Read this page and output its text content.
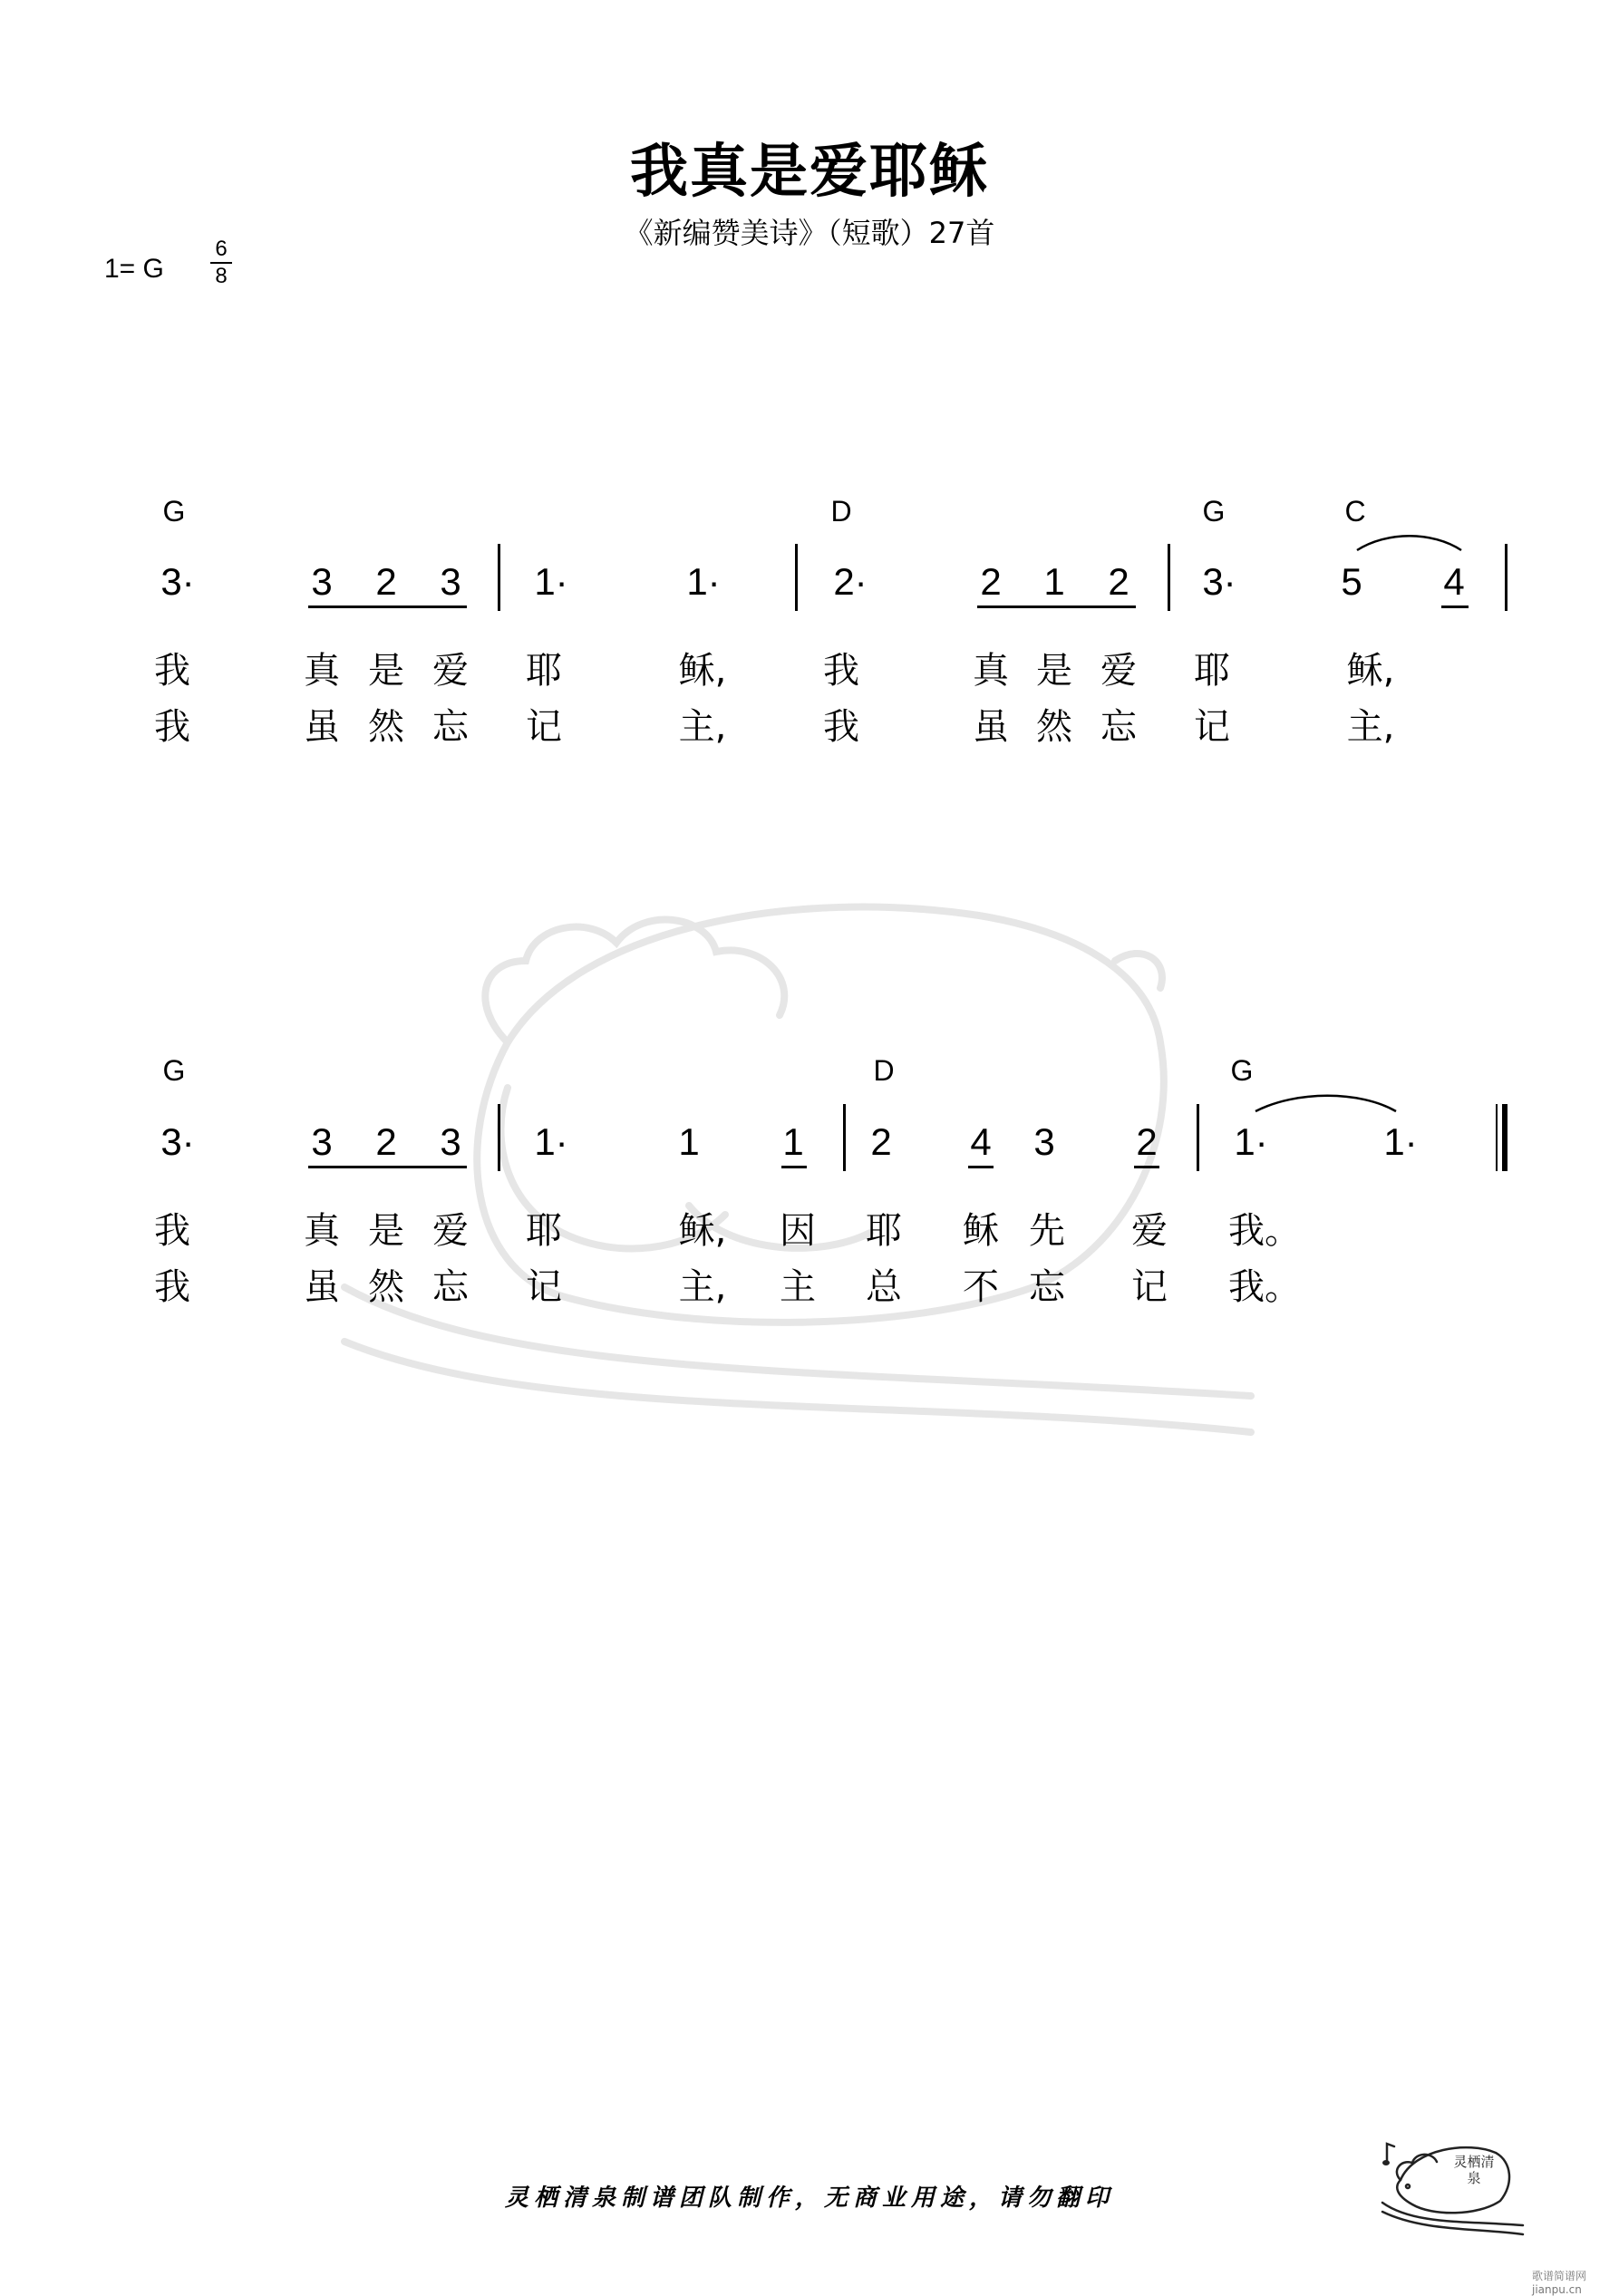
我真是爱耶稣
《新编赞美诗》（短歌）27首
1= G
6
8
G	D	G	C
3·	3 2 3 1·	1·	2·	2 1 2 3·	5 4
我	真 是 爱 耶	稣,	我	真 是 爱 耶	稣,
我	虽 然 忘 记	主,	我	虽 然 忘 记	主,
G	D	G
3·	3 2 3 1·	1 1 2 4 3 2 1·	1·
我	真 是 爱 耶	稣, 因 耶 稣 先 爱 我。
我	虽 然 忘 记	主, 主 总 不 忘 记 我。
灵栖清泉制谱团队制作，无商业用途，请勿翻印
灵栖清泉
歌谱简谱网 jianpu.cn
